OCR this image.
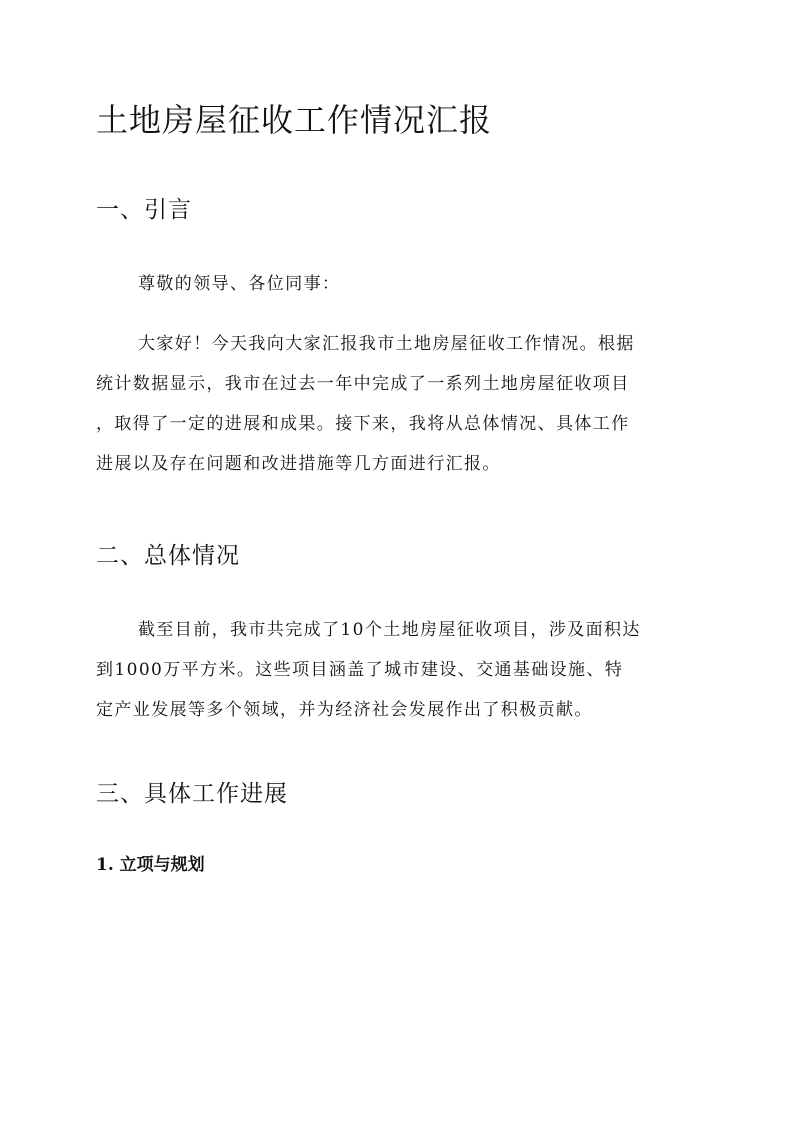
土地房屋征收工作情况汇报
一、引言
尊敬的领导、各位同事：
大家好！今天我向大家汇报我市土地房屋征收工作情况。根据
统计数据显示，我市在过去一年中完成了一系列土地房屋征收项目
，取得了一定的进展和成果。接下来，我将从总体情况、具体工作
进展以及存在问题和改进措施等几方面进行汇报。
二、总体情况
截至目前，我市共完成了10个土地房屋征收项目，涉及面积达
到1000万平方米。这些项目涵盖了城市建设、交通基础设施、特
定产业发展等多个领域，并为经济社会发展作出了积极贡献。
三、具体工作进展
1. 立项与规划
